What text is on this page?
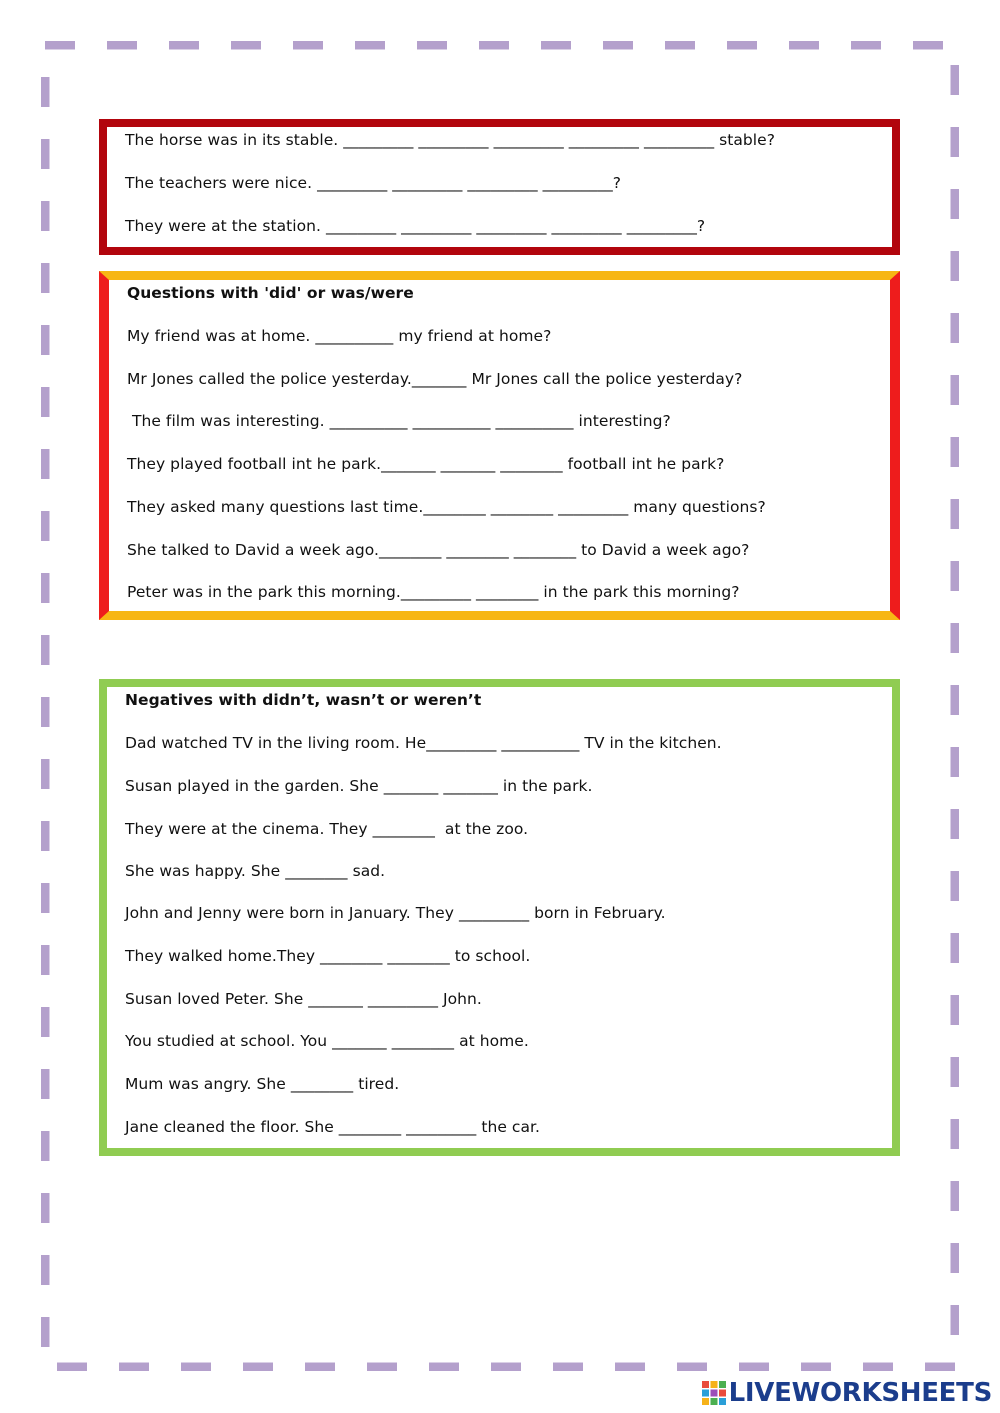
The horse was in its stable. _________ _________ _________ _________ _________ stable?
The teachers were nice. _________ _________ _________ _________?
They were at the station. _________ _________ _________ _________ _________?
Questions with 'did' or was/were
My friend was at home. __________ my friend at home?
Mr Jones called the police yesterday._______ Mr Jones call the police yesterday?
The film was interesting. __________ __________ __________ interesting?
They played football int he park._______ _______ ________ football int he park?
They asked many questions last time.________ ________ _________ many questions?
She talked to David a week ago.________ ________ ________ to David a week ago?
Peter was in the park this morning._________ ________ in the park this morning?
Negatives with didn’t, wasn’t or weren’t
Dad watched TV in the living room. He_________ __________ TV in the kitchen.
Susan played in the garden. She _______ _______ in the park.
They were at the cinema. They ________  at the zoo.
She was happy. She ________ sad.
John and Jenny were born in January. They _________ born in February.
They walked home.They ________ ________ to school.
Susan loved Peter. She _______ _________ John.
You studied at school. You _______ ________ at home.
Mum was angry. She ________ tired.
Jane cleaned the floor. She ________ _________ the car.
LIVEWORKSHEETS
